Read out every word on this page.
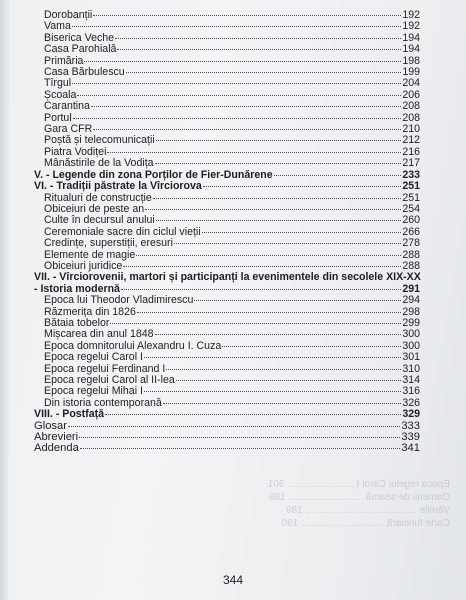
Dorobanții	192
Vama	192
Biserica Veche	194
Casa Parohială	194
Primăria	198
Casa Bărbulescu	199
Tîrgul	204
Școala	206
Carantina	208
Portul	208
Gara CFR	210
Poștă și telecomunicații	212
Piatra Vodiței	216
Mânăstirile de la Vodița	217
V. - Legende din zona Porților de Fier-Dunărene	233
VI. - Tradiții păstrate la Vîrciorova	251
Ritualuri de construcție	251
Obiceiuri de peste an	254
Culte în decursul anului	260
Ceremoniale sacre din ciclul vieții	266
Credințe, superstiții, eresuri	278
Elemente de magie	288
Obiceiuri juridice	288
VII. - Vîrciorovenii, martori și participanți la evenimentele din secolele XIX-XX
- Istoria modernă	291
Epoca lui Theodor Vladimirescu	294
Răzmerița din 1826	298
Bătaia tobelor	299
Mișcarea din anul 1848	300
Epoca domnitorului Alexandru I. Cuza	300
Epoca regelui Carol I	301
Epoca regelui Ferdinand I	310
Epoca regelui Carol al II-lea	314
Epoca regelui Mihai I	316
Din istoria contemporană	326
VIII. - Postfață	329
Glosar	333
Abrevieri	339
Addenda	341
Epoca regelui Carol I ........................ 301
Oamenii de seamă ........................... 188
Vămile ........................................ 189
Carte funciară .............................. 190
344
